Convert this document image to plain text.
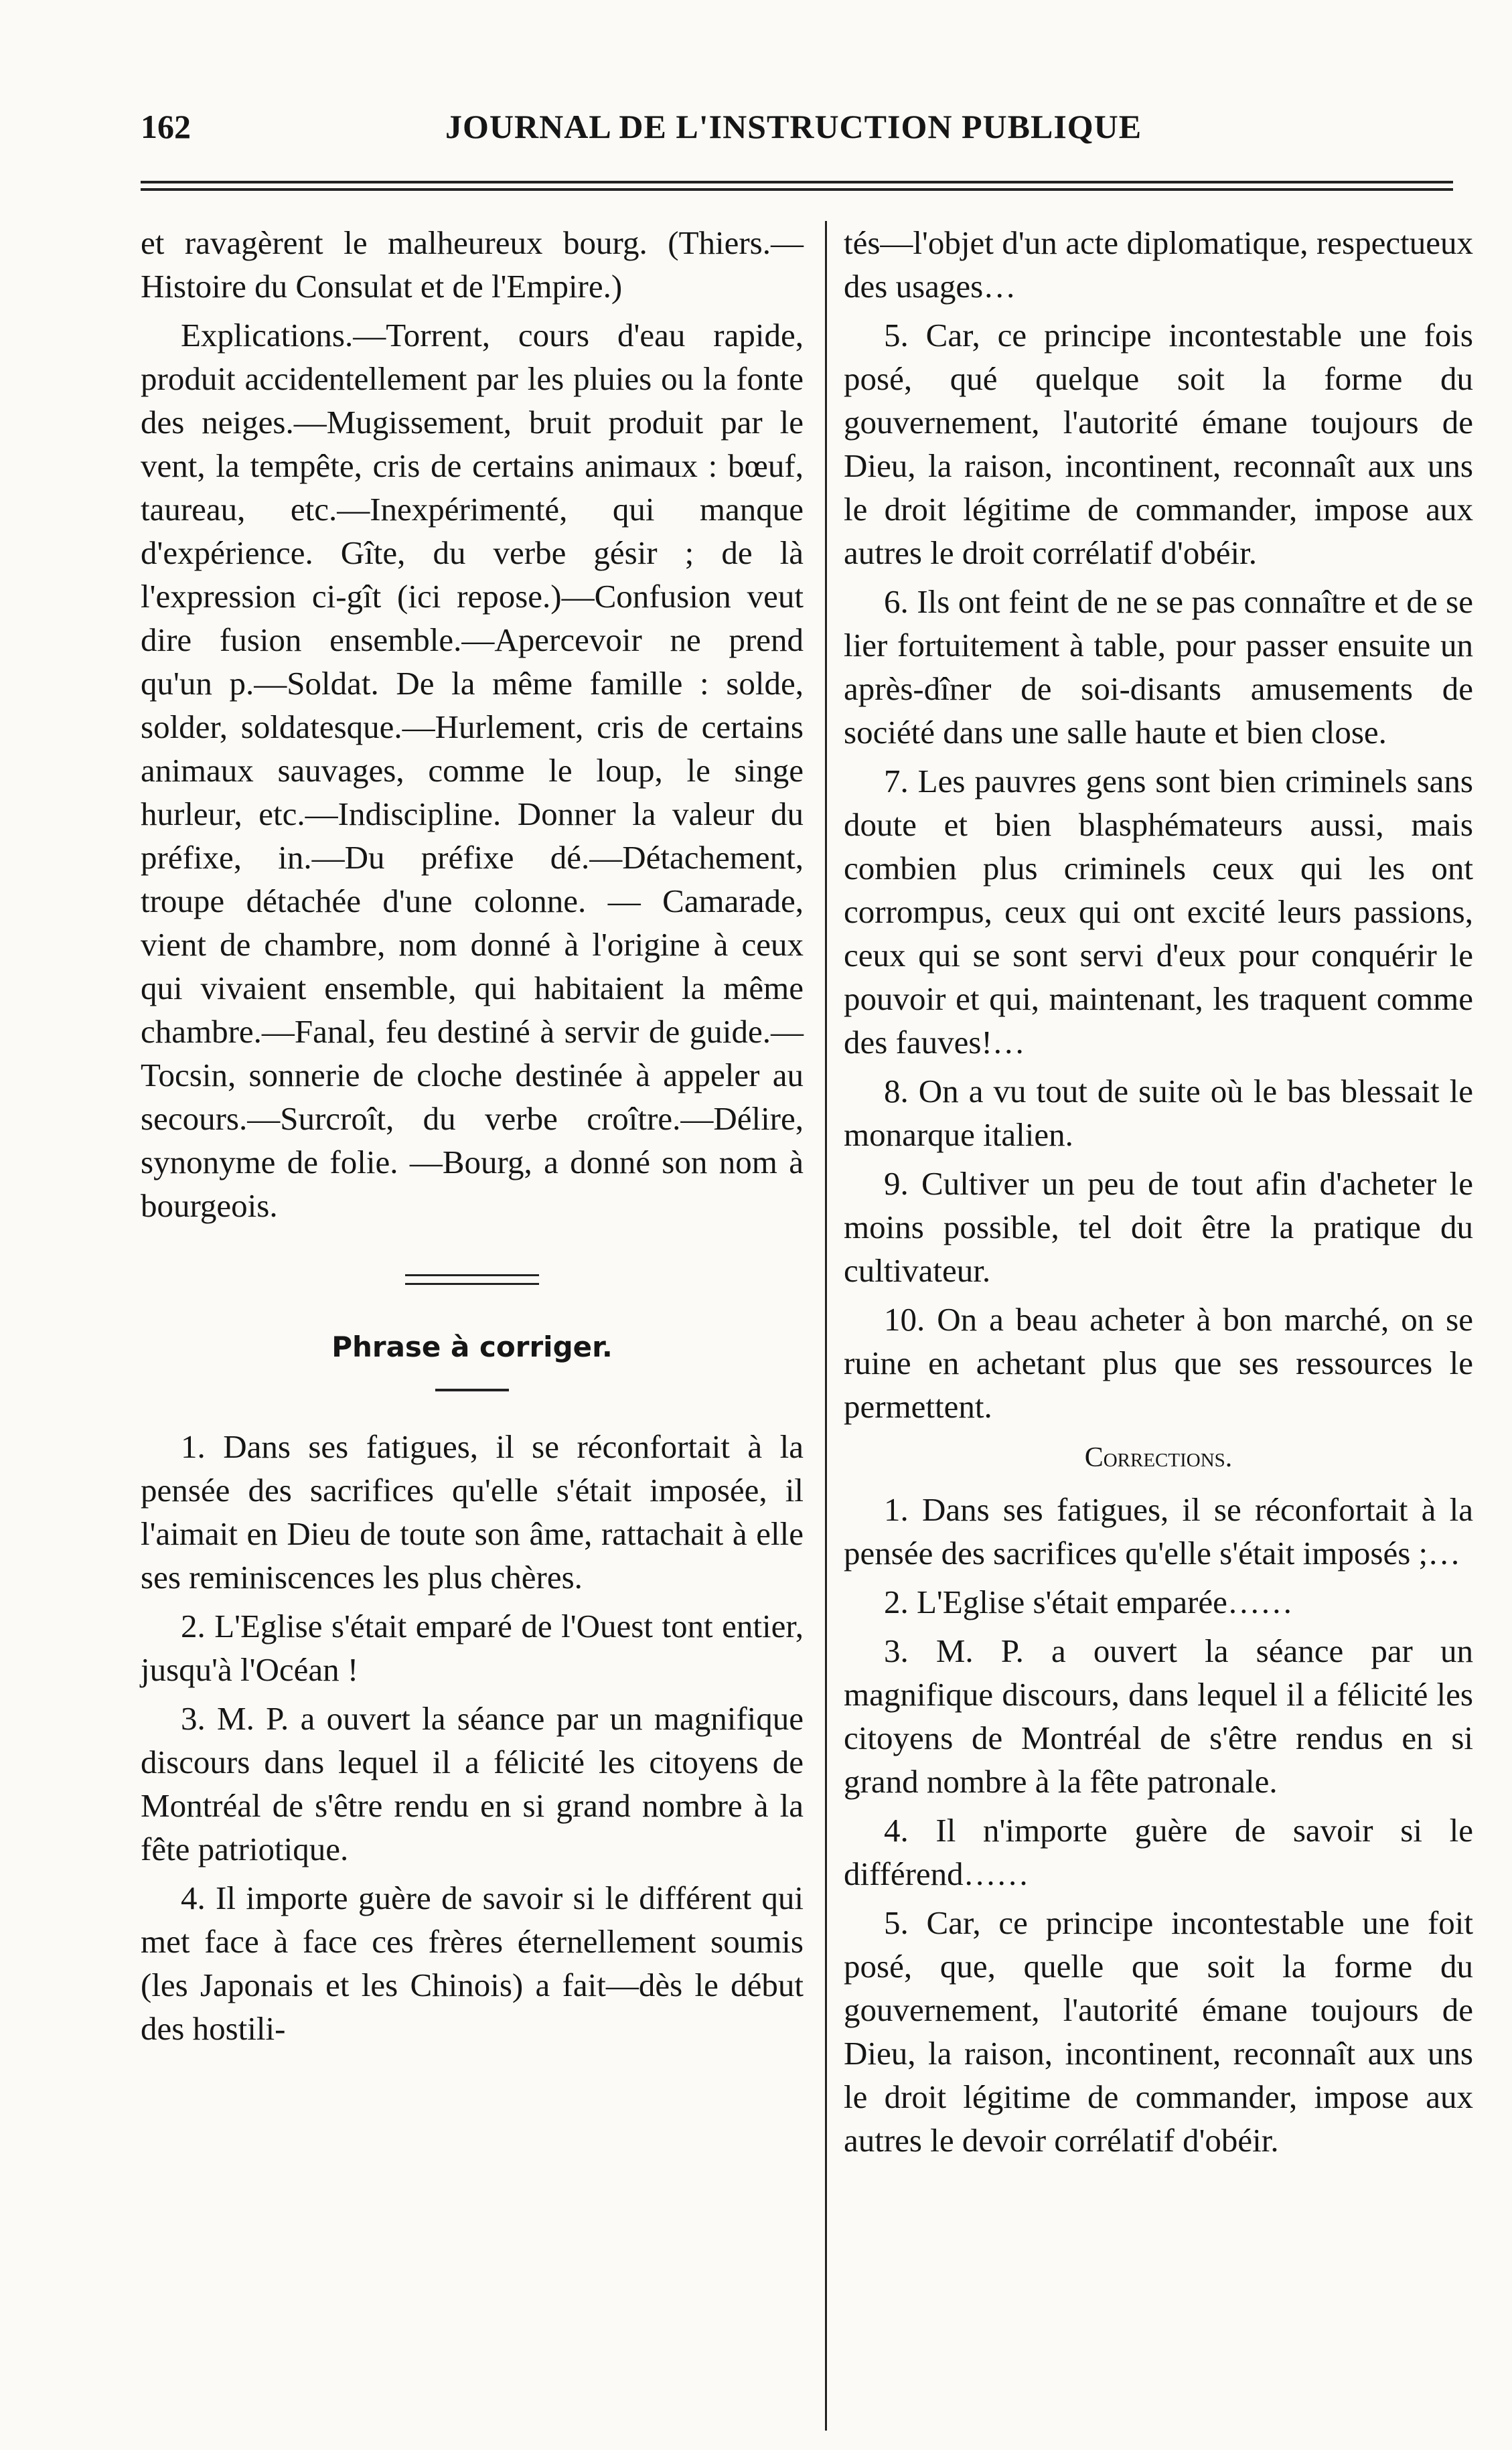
162	JOURNAL DE L'INSTRUCTION PUBLIQUE

et ravagèrent le malheureux bourg. (Thiers.—Histoire du Consulat et de l'Empire.)

Explications.—Torrent, cours d'eau rapide, produit accidentellement par les pluies ou la fonte des neiges.—Mugissement, bruit produit par le vent, la tempête, cris de certains animaux : bœuf, taureau, etc.—Inexpérimenté, qui manque d'expérience. Gîte, du verbe gésir ; de là l'expression ci-gît (ici repose.)—Confusion veut dire fusion ensemble.—Apercevoir ne prend qu'un p.—Soldat. De la même famille : solde, solder, soldatesque.—Hurlement, cris de certains animaux sauvages, comme le loup, le singe hurleur, etc.—Indiscipline. Donner la valeur du préfixe, in.—Du préfixe dé.—Détachement, troupe détachée d'une colonne. — Camarade, vient de chambre, nom donné à l'origine à ceux qui vivaient ensemble, qui habitaient la même chambre.—Fanal, feu destiné à servir de guide.—Tocsin, sonnerie de cloche destinée à appeler au secours.—Surcroît, du verbe croître.—Délire, synonyme de folie. —Bourg, a donné son nom à bourgeois.

Phrase à corriger.

1. Dans ses fatigues, il se réconfortait à la pensée des sacrifices qu'elle s'était imposée, il l'aimait en Dieu de toute son âme, rattachait à elle ses reminiscences les plus chères.

2. L'Eglise s'était emparé de l'Ouest tont entier, jusqu'à l'Océan !

3. M. P. a ouvert la séance par un magnifique discours dans lequel il a félicité les citoyens de Montréal de s'être rendu en si grand nombre à la fête patriotique.

4. Il importe guère de savoir si le différent qui met face à face ces frères éternellement soumis (les Japonais et les Chinois) a fait—dès le début des hostili-

tés—l'objet d'un acte diplomatique, respectueux des usages…

5. Car, ce principe incontestable une fois posé, qué quelque soit la forme du gouvernement, l'autorité émane toujours de Dieu, la raison, incontinent, reconnaît aux uns le droit légitime de commander, impose aux autres le droit corrélatif d'obéir.

6. Ils ont feint de ne se pas connaître et de se lier fortuitement à table, pour passer ensuite un après-dîner de soi-disants amusements de société dans une salle haute et bien close.

7. Les pauvres gens sont bien criminels sans doute et bien blasphémateurs aussi, mais combien plus criminels ceux qui les ont corrompus, ceux qui ont excité leurs passions, ceux qui se sont servi d'eux pour conquérir le pouvoir et qui, maintenant, les traquent comme des fauves!…

8. On a vu tout de suite où le bas blessait le monarque italien.

9. Cultiver un peu de tout afin d'acheter le moins possible, tel doit être la pratique du cultivateur.

10. On a beau acheter à bon marché, on se ruine en achetant plus que ses ressources le permettent.

Corrections.

1. Dans ses fatigues, il se réconfortait à la pensée des sacrifices qu'elle s'était imposés ;…

2. L'Eglise s'était emparée……

3. M. P. a ouvert la séance par un magnifique discours, dans lequel il a félicité les citoyens de Montréal de s'être rendus en si grand nombre à la fête patronale.

4. Il n'importe guère de savoir si le différend……

5. Car, ce principe incontestable une foit posé, que, quelle que soit la forme du gouvernement, l'autorité émane toujours de Dieu, la raison, incontinent, reconnaît aux uns le droit légitime de commander, impose aux autres le devoir corrélatif d'obéir.
